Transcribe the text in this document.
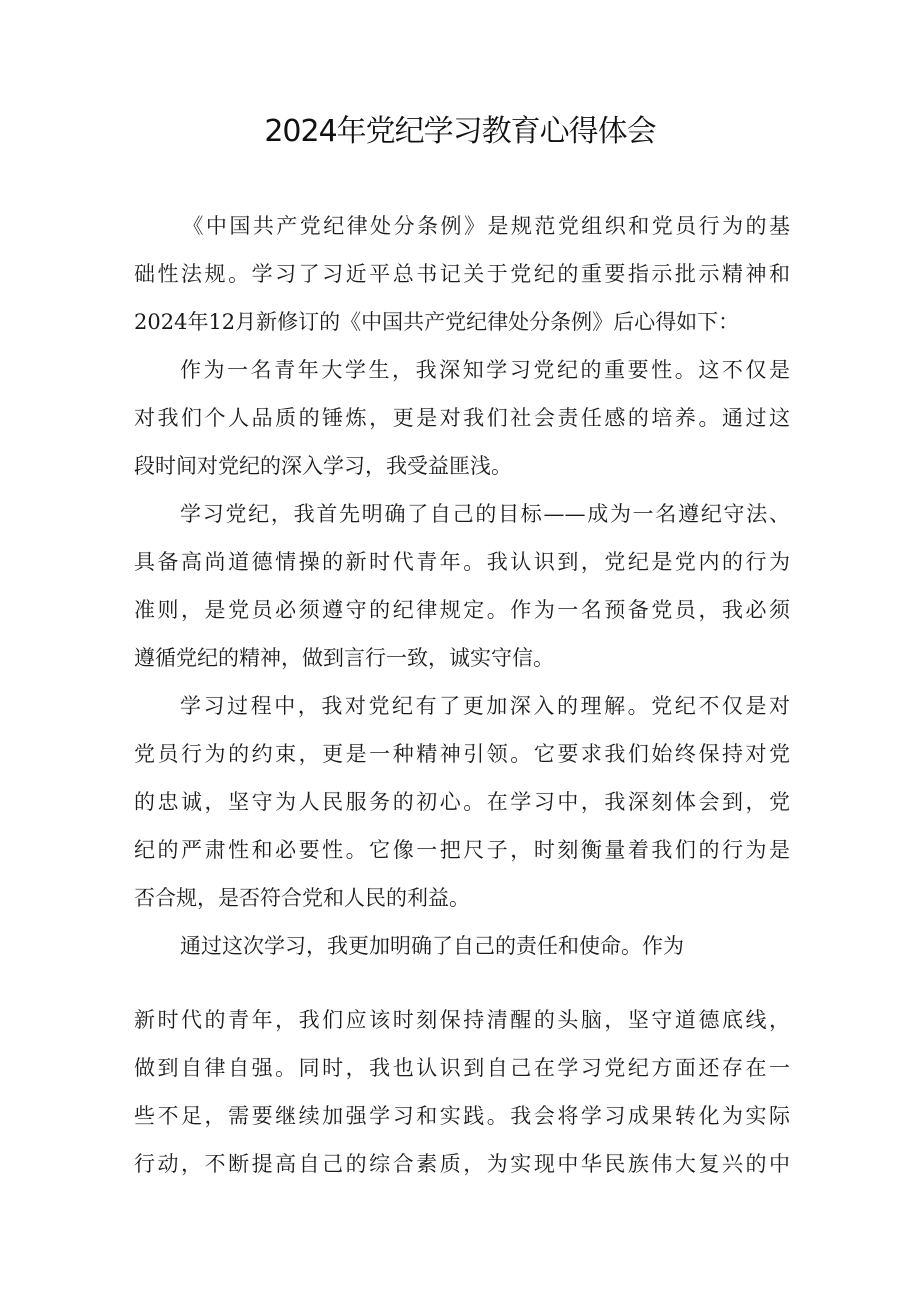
2024年党纪学习教育心得体会
《中国共产党纪律处分条例》是规范党组织和党员行为的基
础性法规。学习了习近平总书记关于党纪的重要指示批示精神和
2024年12月新修订的《中国共产党纪律处分条例》后心得如下：
作为一名青年大学生，我深知学习党纪的重要性。这不仅是
对我们个人品质的锤炼，更是对我们社会责任感的培养。通过这
段时间对党纪的深入学习，我受益匪浅。
学习党纪，我首先明确了自己的目标——成为一名遵纪守法、
具备高尚道德情操的新时代青年。我认识到，党纪是党内的行为
准则，是党员必须遵守的纪律规定。作为一名预备党员，我必须
遵循党纪的精神，做到言行一致，诚实守信。
学习过程中，我对党纪有了更加深入的理解。党纪不仅是对
党员行为的约束，更是一种精神引领。它要求我们始终保持对党
的忠诚，坚守为人民服务的初心。在学习中，我深刻体会到，党
纪的严肃性和必要性。它像一把尺子，时刻衡量着我们的行为是
否合规，是否符合党和人民的利益。
通过这次学习，我更加明确了自己的责任和使命。作为
新时代的青年，我们应该时刻保持清醒的头脑，坚守道德底线，
做到自律自强。同时，我也认识到自己在学习党纪方面还存在一
些不足，需要继续加强学习和实践。我会将学习成果转化为实际
行动，不断提高自己的综合素质，为实现中华民族伟大复兴的中
